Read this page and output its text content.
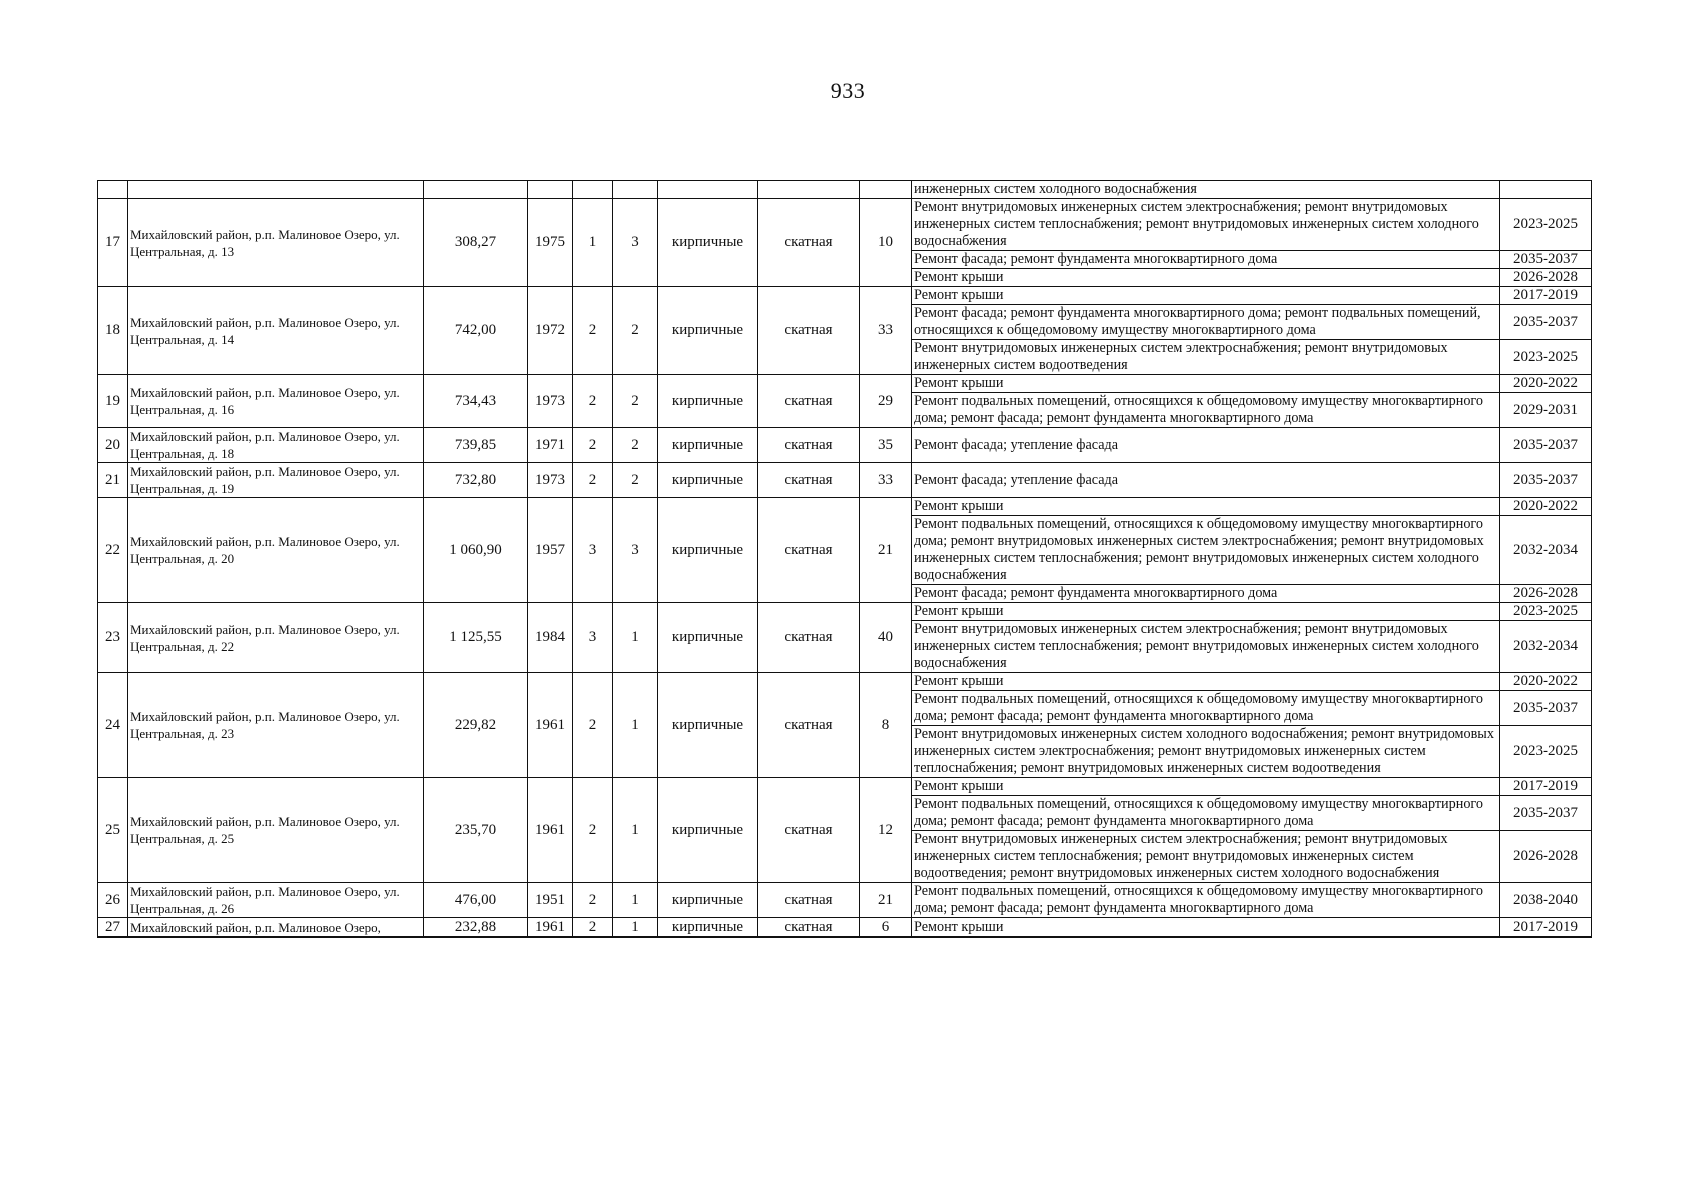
933
									инженерных систем холодного водоснабжения	
17	Михайловский район, р.п. Малиновое Озеро, ул. Центральная, д. 13	308,27	1975	1	3	кирпичные	скатная	10	Ремонт внутридомовых инженерных систем электроснабжения; ремонт внутридомовых инженерных систем теплоснабжения; ремонт внутридомовых инженерных систем холодного водоснабжения	2023-2025
									Ремонт фасада; ремонт фундамента многоквартирного дома	2035-2037
									Ремонт крыши	2026-2028
18	Михайловский район, р.п. Малиновое Озеро, ул. Центральная, д. 14	742,00	1972	2	2	кирпичные	скатная	33	Ремонт крыши	2017-2019
									Ремонт фасада; ремонт фундамента многоквартирного дома; ремонт подвальных помещений, относящихся к общедомовому имуществу многоквартирного дома	2035-2037
									Ремонт внутридомовых инженерных систем электроснабжения; ремонт внутридомовых инженерных систем водоотведения	2023-2025
19	Михайловский район, р.п. Малиновое Озеро, ул. Центральная, д. 16	734,43	1973	2	2	кирпичные	скатная	29	Ремонт крыши	2020-2022
									Ремонт подвальных помещений, относящихся к общедомовому имуществу многоквартирного дома; ремонт фасада; ремонт фундамента многоквартирного дома	2029-2031
20	Михайловский район, р.п. Малиновое Озеро, ул. Центральная, д. 18	739,85	1971	2	2	кирпичные	скатная	35	Ремонт фасада; утепление фасада	2035-2037
21	Михайловский район, р.п. Малиновое Озеро, ул. Центральная, д. 19	732,80	1973	2	2	кирпичные	скатная	33	Ремонт фасада; утепление фасада	2035-2037
22	Михайловский район, р.п. Малиновое Озеро, ул. Центральная, д. 20	1 060,90	1957	3	3	кирпичные	скатная	21	Ремонт крыши	2020-2022
									Ремонт подвальных помещений, относящихся к общедомовому имуществу многоквартирного дома; ремонт внутридомовых инженерных систем электроснабжения; ремонт внутридомовых инженерных систем теплоснабжения; ремонт внутридомовых инженерных систем холодного водоснабжения	2032-2034
									Ремонт фасада; ремонт фундамента многоквартирного дома	2026-2028
23	Михайловский район, р.п. Малиновое Озеро, ул. Центральная, д. 22	1 125,55	1984	3	1	кирпичные	скатная	40	Ремонт крыши	2023-2025
									Ремонт внутридомовых инженерных систем электроснабжения; ремонт внутридомовых инженерных систем теплоснабжения; ремонт внутридомовых инженерных систем холодного водоснабжения	2032-2034
24	Михайловский район, р.п. Малиновое Озеро, ул. Центральная, д. 23	229,82	1961	2	1	кирпичные	скатная	8	Ремонт крыши	2020-2022
									Ремонт подвальных помещений, относящихся к общедомовому имуществу многоквартирного дома; ремонт фасада; ремонт фундамента многоквартирного дома	2035-2037
									Ремонт внутридомовых инженерных систем холодного водоснабжения; ремонт внутридомовых инженерных систем электроснабжения; ремонт внутридомовых инженерных систем теплоснабжения; ремонт внутридомовых инженерных систем водоотведения	2023-2025
25	Михайловский район, р.п. Малиновое Озеро, ул. Центральная, д. 25	235,70	1961	2	1	кирпичные	скатная	12	Ремонт крыши	2017-2019
									Ремонт подвальных помещений, относящихся к общедомовому имуществу многоквартирного дома; ремонт фасада; ремонт фундамента многоквартирного дома	2035-2037
									Ремонт внутридомовых инженерных систем электроснабжения; ремонт внутридомовых инженерных систем теплоснабжения; ремонт внутридомовых инженерных систем водоотведения; ремонт внутридомовых инженерных систем холодного водоснабжения	2026-2028
26	Михайловский район, р.п. Малиновое Озеро, ул. Центральная, д. 26	476,00	1951	2	1	кирпичные	скатная	21	Ремонт подвальных помещений, относящихся к общедомовому имуществу многоквартирного дома; ремонт фасада; ремонт фундамента многоквартирного дома	2038-2040
27	Михайловский район, р.п. Малиновое Озеро,	232,88	1961	2	1	кирпичные	скатная	6	Ремонт крыши	2017-2019
